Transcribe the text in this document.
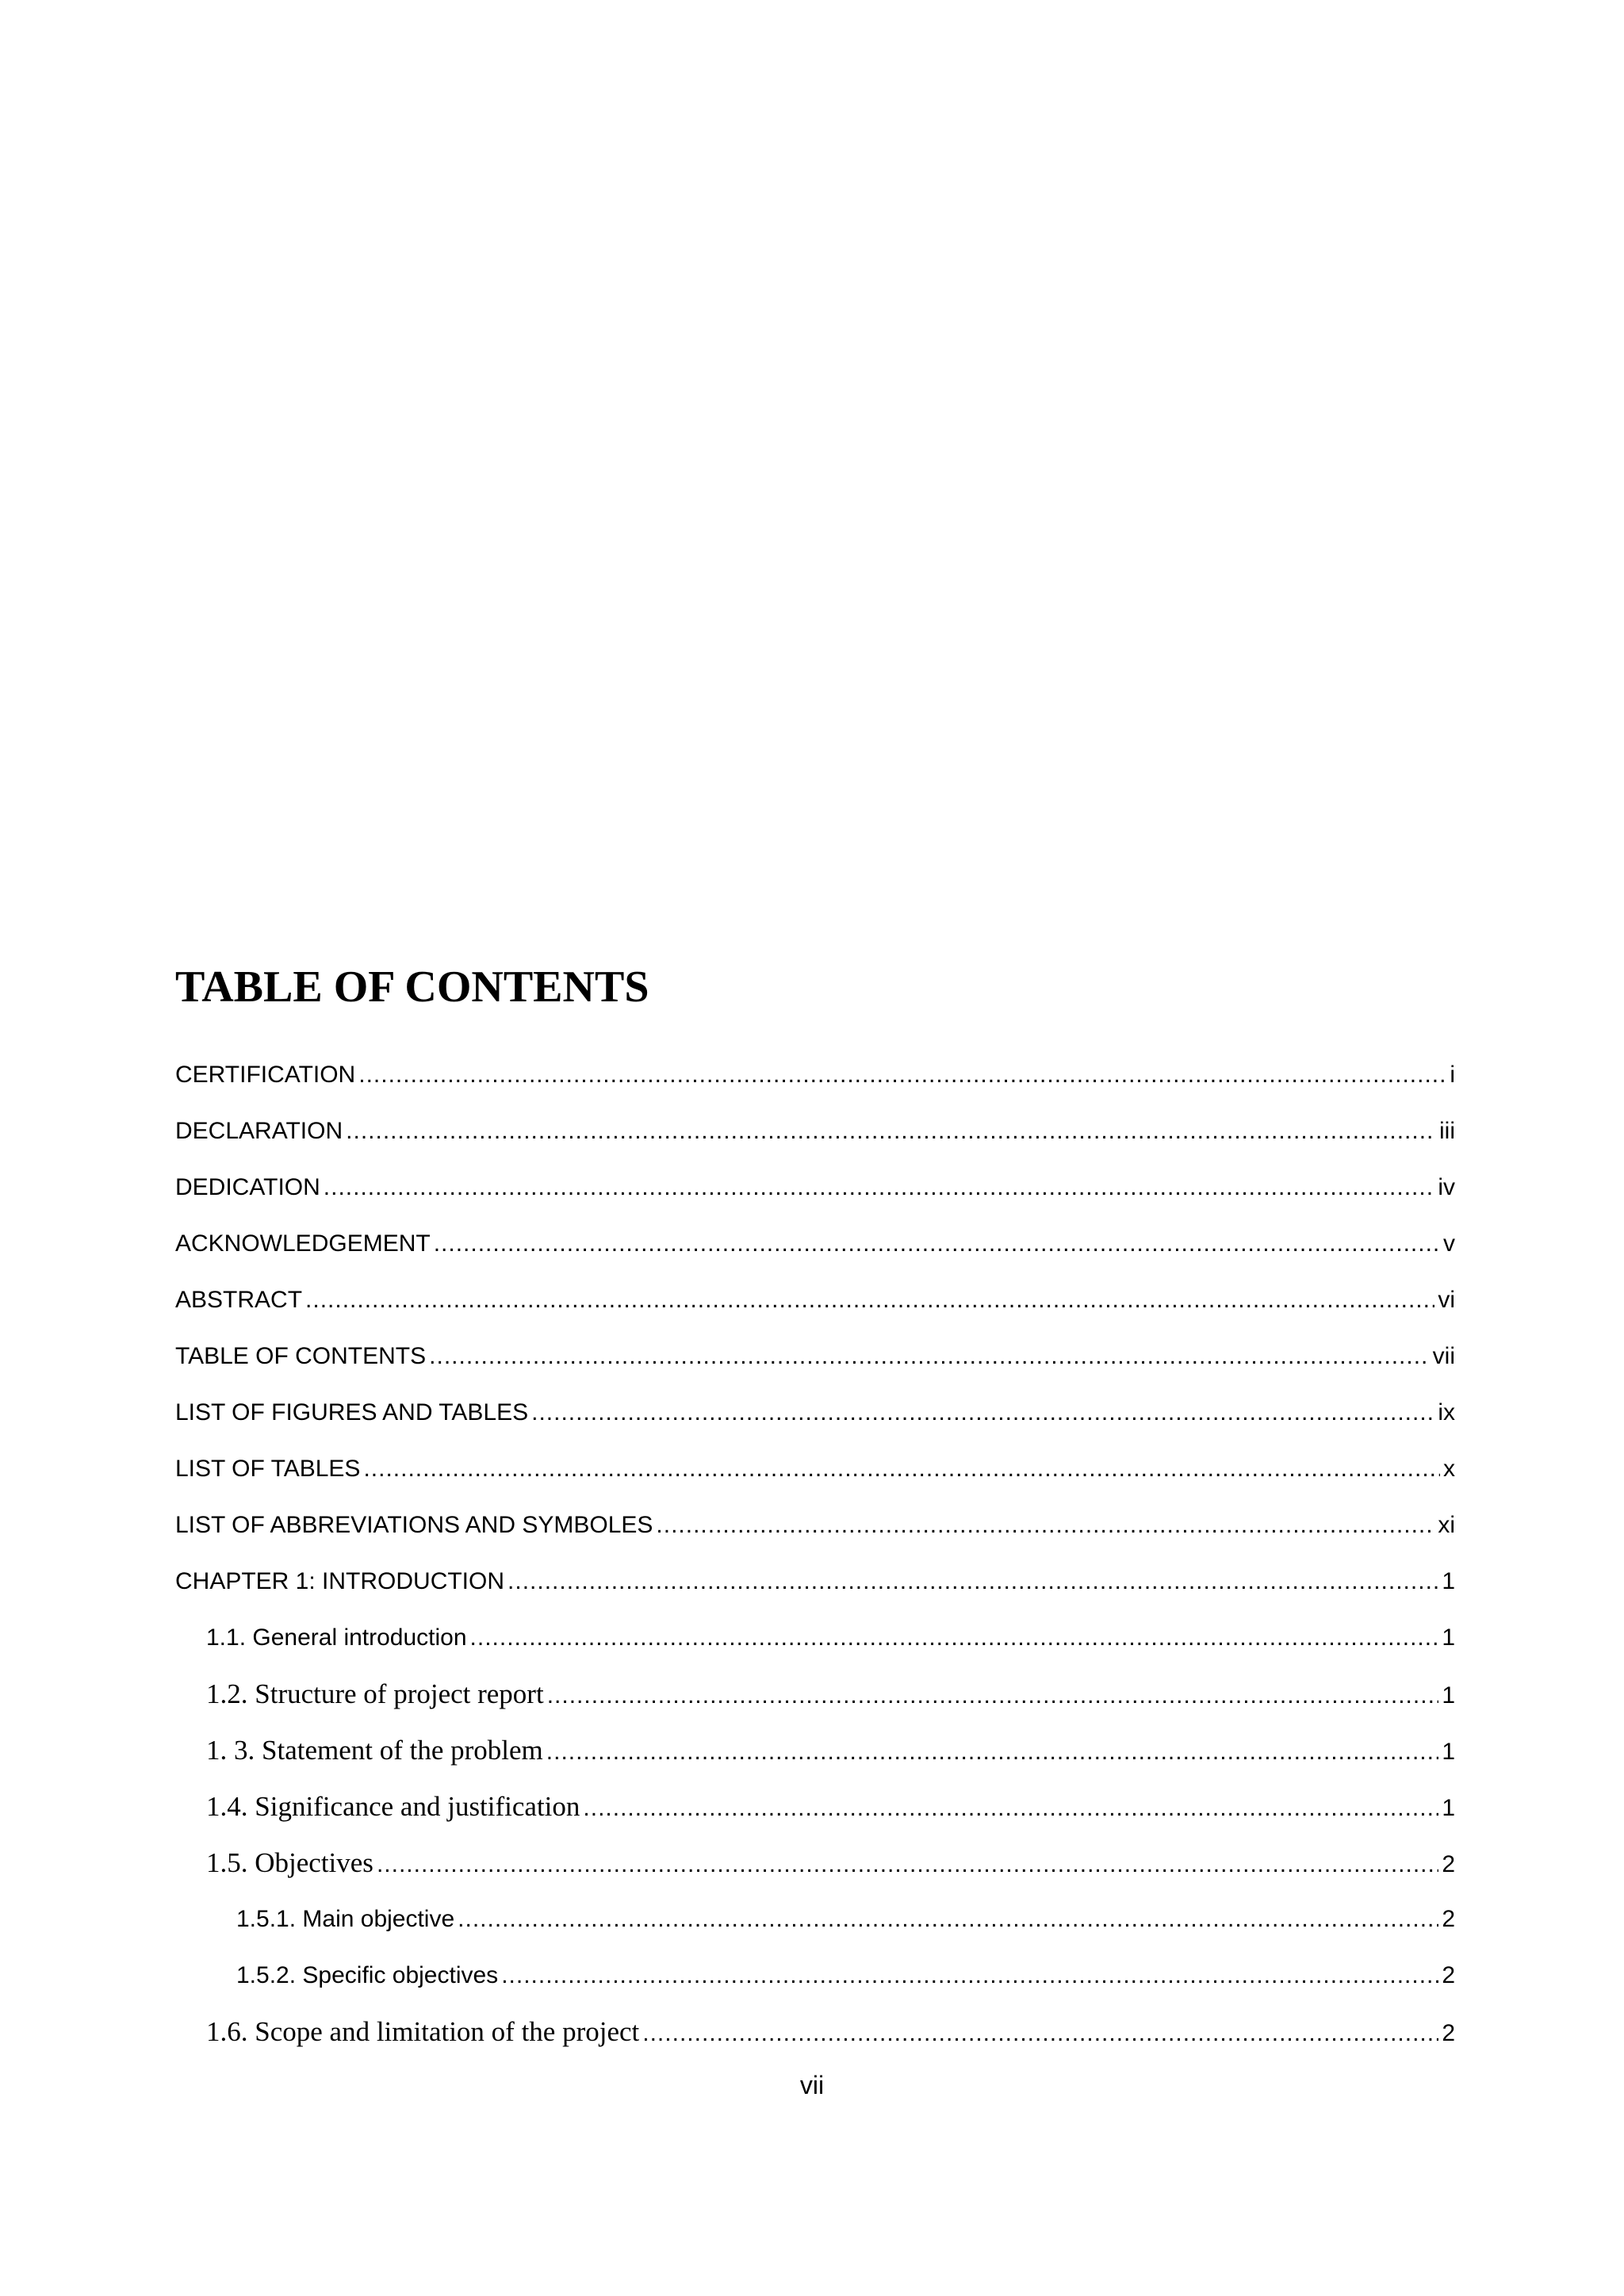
TABLE OF CONTENTS
CERTIFICATION .....	i
DECLARATION .....	iii
DEDICATION .....	iv
ACKNOWLEDGEMENT .....	v
ABSTRACT .....	vi
TABLE OF CONTENTS .....	vii
LIST OF FIGURES AND TABLES .....	ix
LIST OF TABLES .....	x
LIST OF ABBREVIATIONS AND SYMBOLES .....	xi
CHAPTER 1: INTRODUCTION .....	1
1.1. General introduction .....	1
1.2. Structure of project report .....	1
1. 3. Statement of the problem .....	1
1.4. Significance and justification .....	1
1.5. Objectives .....	2
1.5.1. Main objective .....	2
1.5.2. Specific objectives .....	2
1.6. Scope and limitation of the project .....	2
vii
